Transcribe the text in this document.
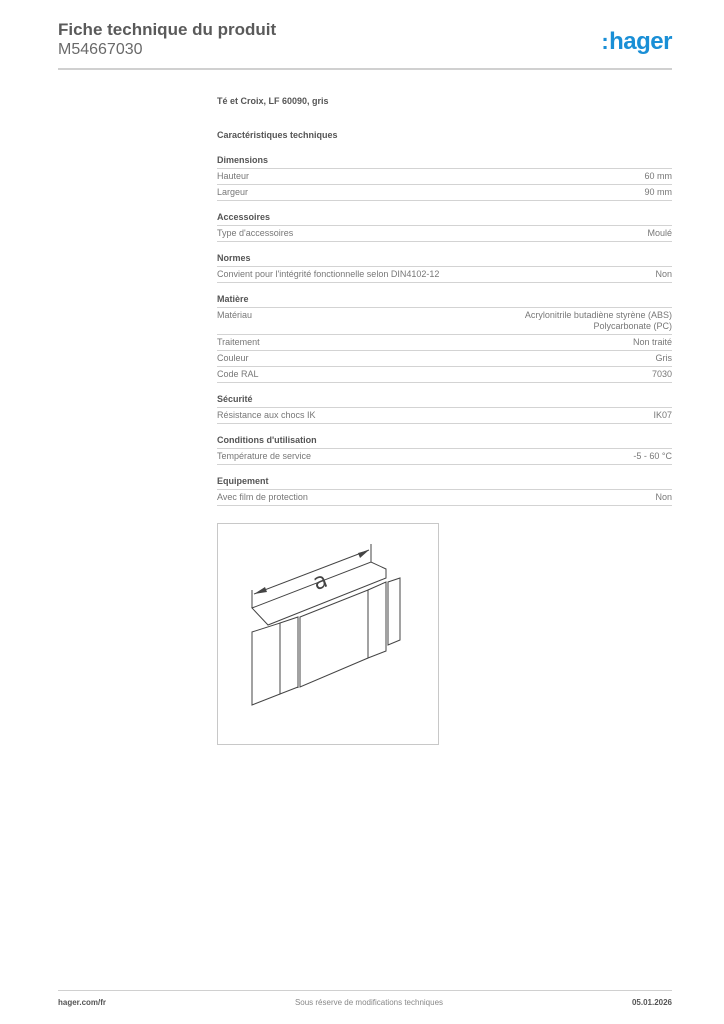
Fiche technique du produit
M54667030	:hager
Té et Croix, LF 60090, gris
Caractéristiques techniques
Dimensions
Hauteur	60 mm
Largeur	90 mm
Accessoires
Type d'accessoires	Moulé
Normes
Convient pour l'intégrité fonctionnelle selon DIN4102-12	Non
Matière
Matériau	Acrylonitrile butadiène styrène (ABS)
Polycarbonate (PC)
Traitement	Non traité
Couleur	Gris
Code RAL	7030
Sécurité
Résistance aux chocs IK	IK07
Conditions d'utilisation
Température de service	-5 - 60 °C
Equipement
Avec film de protection	Non
a
hager.com/fr	Sous réserve de modifications techniques	05.01.2026
